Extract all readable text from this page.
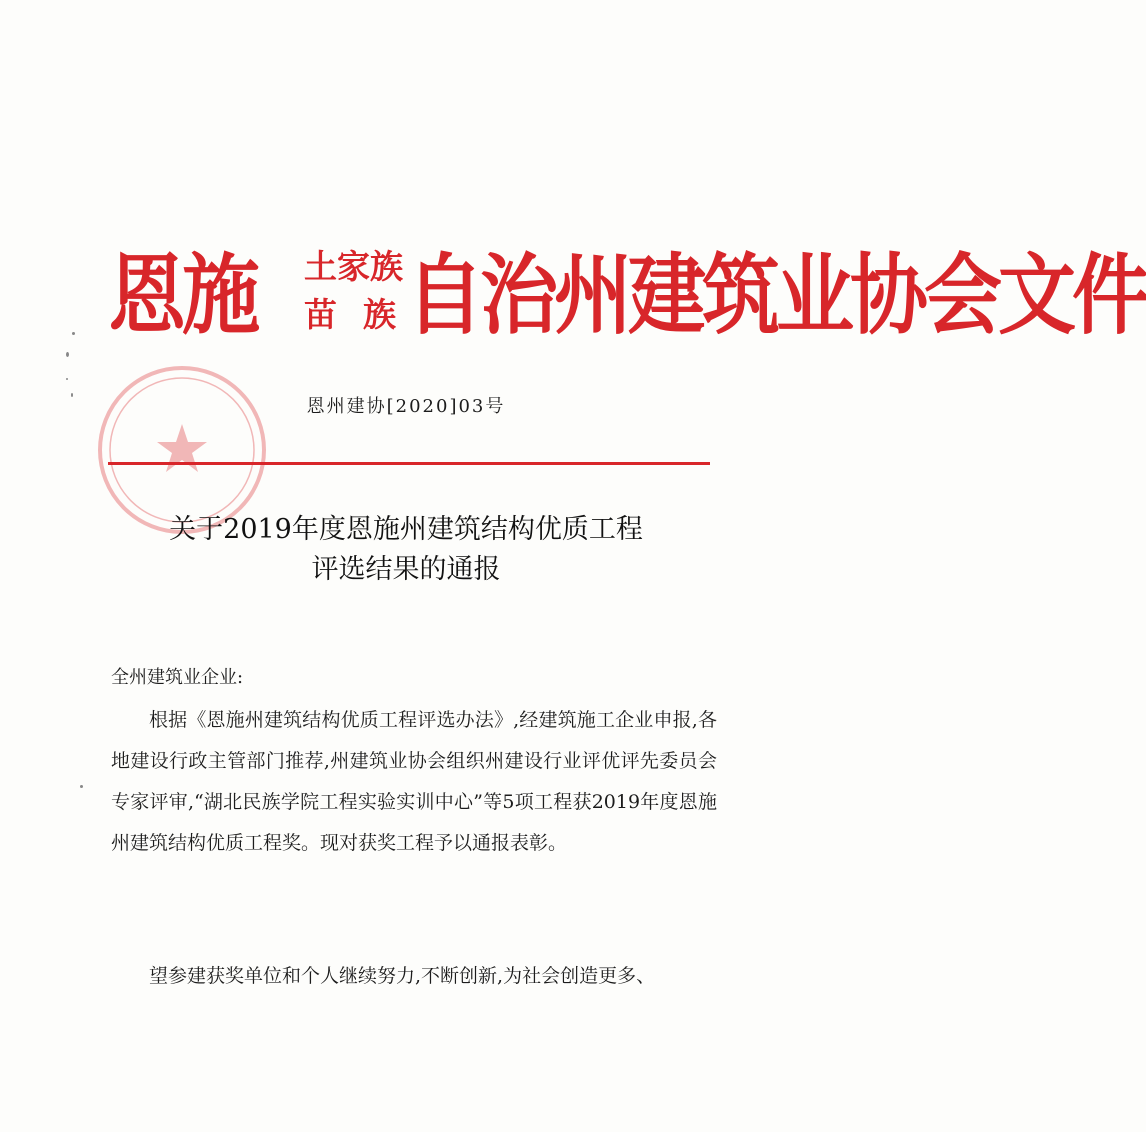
恩施 土家族
苗 族 自治州建筑业协会文件
恩州建协[2020]03号
关于2019年度恩施州建筑结构优质工程
评选结果的通报
全州建筑业企业:
根据《恩施州建筑结构优质工程评选办法》,经建筑施工企业申报,各地建设行政主管部门推荐,州建筑业协会组织州建设行业评优评先委员会专家评审,“湖北民族学院工程实验实训中心”等5项工程获2019年度恩施州建筑结构优质工程奖。现对获奖工程予以通报表彰。
望参建获奖单位和个人继续努力,不断创新,为社会创造更多、
